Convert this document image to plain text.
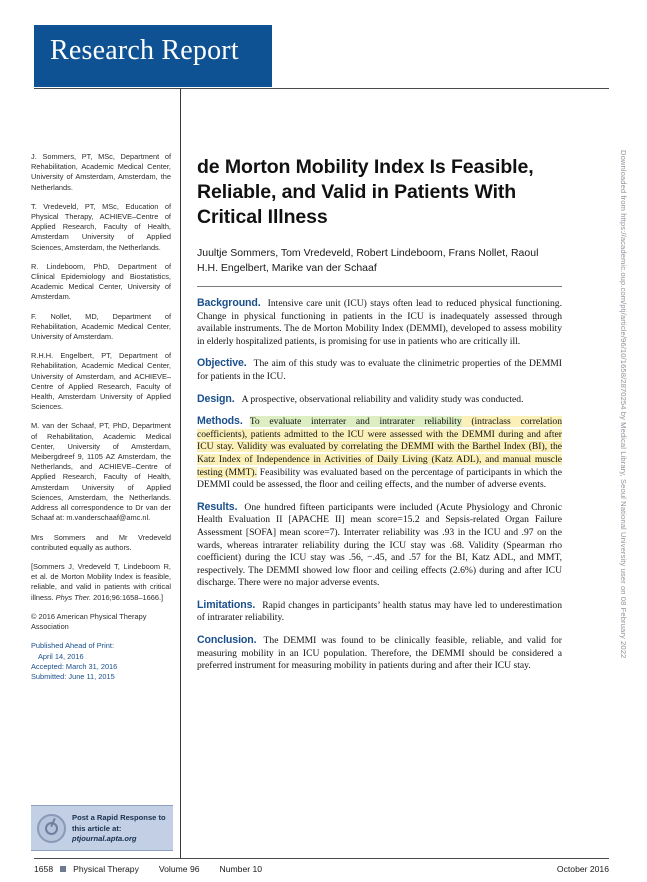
Research Report
J. Sommers, PT, MSc, Department of Rehabilitation, Academic Medical Center, University of Amsterdam, Amsterdam, the Netherlands.
T. Vredeveld, PT, MSc, Education of Physical Therapy, ACHIEVE–Centre of Applied Research, Faculty of Health, Amsterdam University of Applied Sciences, Amsterdam, the Netherlands.
R. Lindeboom, PhD, Department of Clinical Epidemiology and Biostatistics, Academic Medical Center, University of Amsterdam.
F. Nollet, MD, Department of Rehabilitation, Academic Medical Center, University of Amsterdam.
R.H.H. Engelbert, PT, Department of Rehabilitation, Academic Medical Center, University of Amsterdam, and ACHIEVE–Centre of Applied Research, Faculty of Health, Amsterdam University of Applied Sciences.
M. van der Schaaf, PT, PhD, Department of Rehabilitation, Academic Medical Center, University of Amsterdam, Meibergdreef 9, 1105 AZ Amsterdam, the Netherlands, and ACHIEVE–Centre of Applied Research, Faculty of Health, Amsterdam University of Applied Sciences, Amsterdam, the Netherlands. Address all correspondence to Dr van der Schaaf at: m.vanderschaaf@amc.nl.
Mrs Sommers and Mr Vredeveld contributed equally as authors.
[Sommers J, Vredeveld T, Lindeboom R, et al. de Morton Mobility Index is feasible, reliable, and valid in patients with critical illness. Phys Ther. 2016;96:1658–1666.]
© 2016 American Physical Therapy Association
Published Ahead of Print:
April 14, 2016
Accepted: March 31, 2016
Submitted: June 11, 2015
Post a Rapid Response to this article at:
ptjournal.apta.org
de Morton Mobility Index Is Feasible, Reliable, and Valid in Patients With Critical Illness
Juultje Sommers, Tom Vredeveld, Robert Lindeboom, Frans Nollet, Raoul H.H. Engelbert, Marike van der Schaaf
Background. Intensive care unit (ICU) stays often lead to reduced physical functioning. Change in physical functioning in patients in the ICU is inadequately assessed through available instruments. The de Morton Mobility Index (DEMMI), developed to assess mobility in elderly hospitalized patients, is promising for use in patients who are critically ill.
Objective. The aim of this study was to evaluate the clinimetric properties of the DEMMI for patients in the ICU.
Design. A prospective, observational reliability and validity study was conducted.
Methods. To evaluate interrater and intrarater reliability (intraclass correlation coefficients), patients admitted to the ICU were assessed with the DEMMI during and after ICU stay. Validity was evaluated by correlating the DEMMI with the Barthel Index (BI), the Katz Index of Independence in Activities of Daily Living (Katz ADL), and manual muscle testing (MMT). Feasibility was evaluated based on the percentage of participants in which the DEMMI could be assessed, the floor and ceiling effects, and the number of adverse events.
Results. One hundred fifteen participants were included (Acute Physiology and Chronic Health Evaluation II [APACHE II] mean score=15.2 and Sepsis-related Organ Failure Assessment [SOFA] mean score=7). Interrater reliability was .93 in the ICU and .97 on the wards, whereas intrarater reliability during the ICU stay was .68. Validity (Spearman rho coefficient) during the ICU stay was .56, −.45, and .57 for the BI, Katz ADL, and MMT, respectively. The DEMMI showed low floor and ceiling effects (2.6%) during and after ICU discharge. There were no major adverse events.
Limitations. Rapid changes in participants’ health status may have led to underestimation of intrarater reliability.
Conclusion. The DEMMI was found to be clinically feasible, reliable, and valid for measuring mobility in an ICU population. Therefore, the DEMMI should be considered a preferred instrument for measuring mobility in patients during and after their ICU stay.
1658 Physical Therapy Volume 96 Number 10	October 2016
Downloaded from https://academic.oup.com/ptj/article/96/10/1658/2870254 by Medical Library, Seoul National University user on 08 February 2022
